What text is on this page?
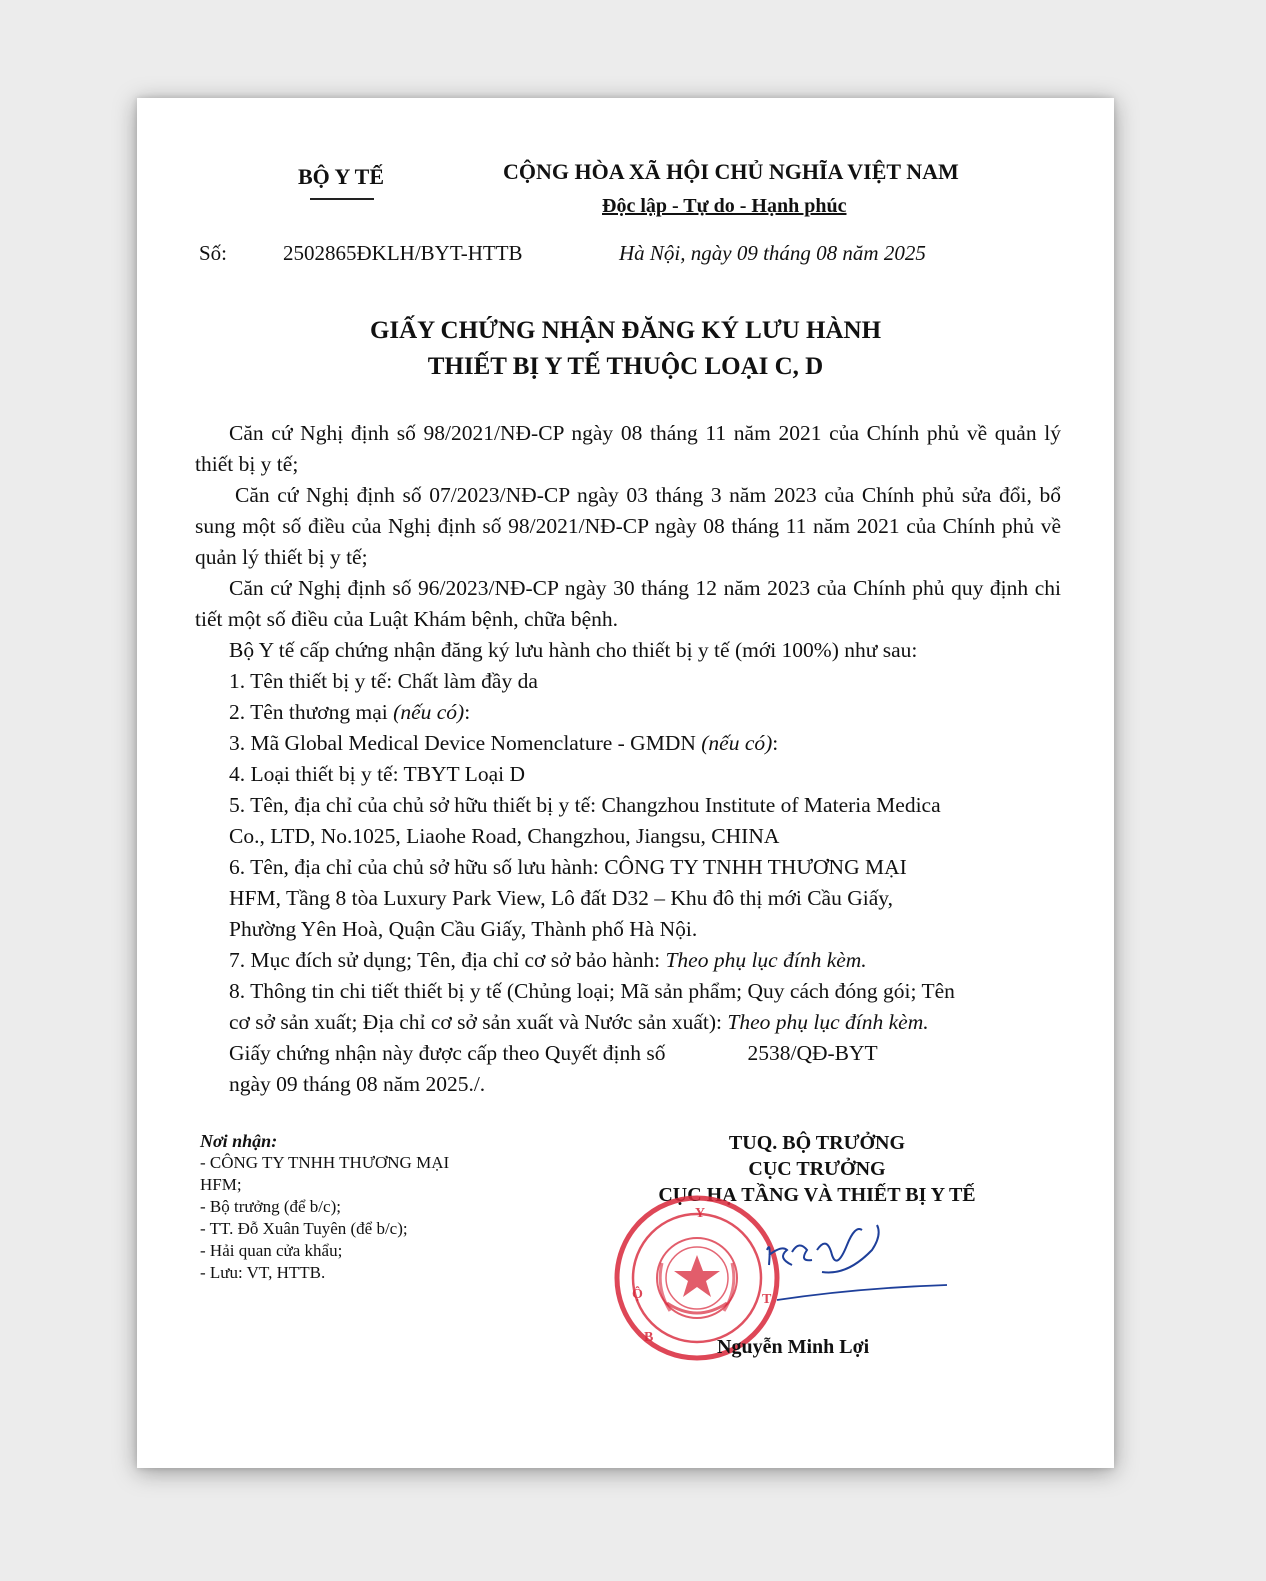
BỘ Y TẾ	CỘNG HÒA XÃ HỘI CHỦ NGHĨA VIỆT NAM
Độc lập - Tự do - Hạnh phúc
Số:	2502865ĐKLH/BYT-HTTB	Hà Nội, ngày 09 tháng 08 năm 2025
GIẤY CHỨNG NHẬN ĐĂNG KÝ LƯU HÀNH
THIẾT BỊ Y TẾ THUỘC LOẠI C, D

Căn cứ Nghị định số 98/2021/NĐ-CP ngày 08 tháng 11 năm 2021 của Chính phủ về quản lý thiết bị y tế;

Căn cứ Nghị định số 07/2023/NĐ-CP ngày 03 tháng 3 năm 2023 của Chính phủ sửa đổi, bổ sung một số điều của Nghị định số 98/2021/NĐ-CP ngày 08 tháng 11 năm 2021 của Chính phủ về quản lý thiết bị y tế;

Căn cứ Nghị định số 96/2023/NĐ-CP ngày 30 tháng 12 năm 2023 của Chính phủ quy định chi tiết một số điều của Luật Khám bệnh, chữa bệnh.

Bộ Y tế cấp chứng nhận đăng ký lưu hành cho thiết bị y tế (mới 100%) như sau:

1. Tên thiết bị y tế: Chất làm đầy da

2. Tên thương mại (nếu có):

3. Mã Global Medical Device Nomenclature - GMDN (nếu có):

4. Loại thiết bị y tế: TBYT Loại D

5. Tên, địa chỉ của chủ sở hữu thiết bị y tế: Changzhou Institute of Materia Medica
Co., LTD, No.1025, Liaohe Road, Changzhou, Jiangsu, CHINA
6. Tên, địa chỉ của chủ sở hữu số lưu hành: CÔNG TY TNHH THƯƠNG MẠI
HFM, Tầng 8 tòa Luxury Park View, Lô đất D32 – Khu đô thị mới Cầu Giấy,
Phường Yên Hoà, Quận Cầu Giấy, Thành phố Hà Nội.

7. Mục đích sử dụng; Tên, địa chỉ cơ sở bảo hành: Theo phụ lục đính kèm.

8. Thông tin chi tiết thiết bị y tế (Chủng loại; Mã sản phẩm; Quy cách đóng gói; Tên
cơ sở sản xuất; Địa chỉ cơ sở sản xuất và Nước sản xuất): Theo phụ lục đính kèm.
Giấy chứng nhận này được cấp theo Quyết định số	2538/QĐ-BYT
ngày 09 tháng 08 năm 2025./.
Nơi nhận:
- CÔNG TY TNHH THƯƠNG MẠI
HFM;
- Bộ trưởng (để b/c);
- TT. Đỗ Xuân Tuyên (để b/c);
- Hải quan cửa khẩu;
- Lưu: VT, HTTB.
TUQ. BỘ TRƯỞNG
CỤC TRƯỞNG
CỤC HẠ TẦNG VÀ THIẾT BỊ Y TẾ
B
Ộ
Y
T
Nguyễn Minh Lợi
